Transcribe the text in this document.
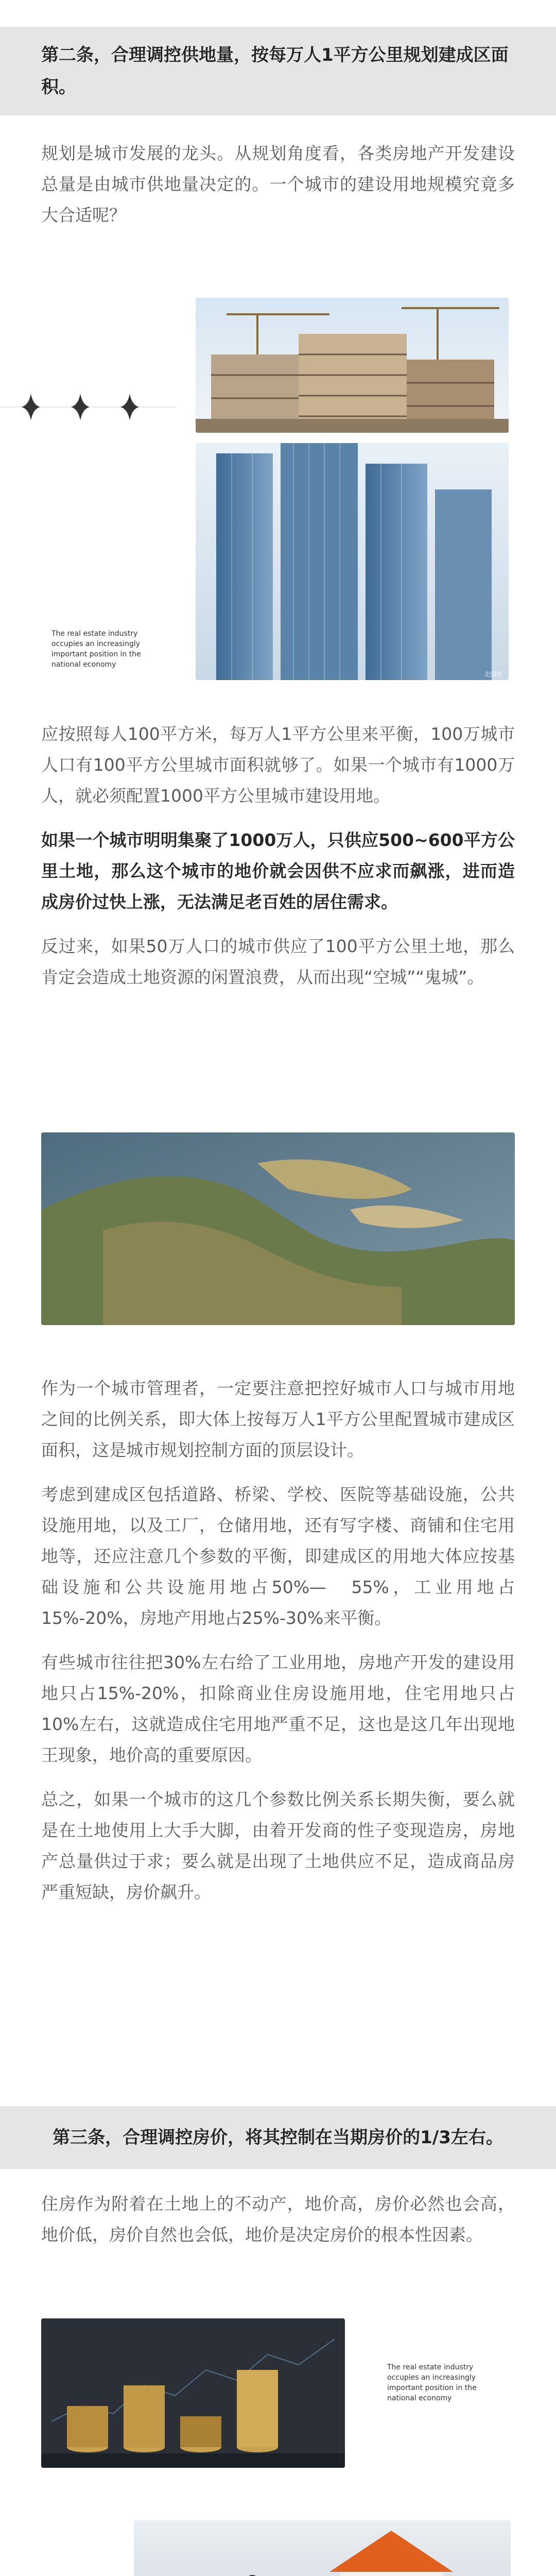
第二条，合理调控供地量，按每万人1平方公里规划建成区面积。

规划是城市发展的龙头。从规划角度看，各类房地产开发建设总量是由城市供地量决定的。一个城市的建设用地规模究竟多大合适呢？

The real estate industry occupies an increasingly important position in the national economy
北国资

应按照每人100平方米，每万人1平方公里来平衡，100万城市人口有100平方公里城市面积就够了。如果一个城市有1000万人，就必须配置1000平方公里城市建设用地。

如果一个城市明明集聚了1000万人，只供应500~600平方公里土地，那么这个城市的地价就会因供不应求而飙涨，进而造成房价过快上涨，无法满足老百姓的居住需求。

反过来，如果50万人口的城市供应了100平方公里土地，那么肯定会造成土地资源的闲置浪费，从而出现“空城”“鬼城”。

作为一个城市管理者，一定要注意把控好城市人口与城市用地之间的比例关系，即大体上按每万人1平方公里配置城市建成区面积，这是城市规划控制方面的顶层设计。

考虑到建成区包括道路、桥梁、学校、医院等基础设施，公共设施用地，以及工厂，仓储用地，还有写字楼、商铺和住宅用地等，还应注意几个参数的平衡，即建成区的用地大体应按基础设施和公共设施用地占50%—　55%，工业用地占15%-20%，房地产用地占25%-30%来平衡。

有些城市往往把30%左右给了工业用地，房地产开发的建设用地只占15%-20%，扣除商业住房设施用地，住宅用地只占10%左右，这就造成住宅用地严重不足，这也是这几年出现地王现象，地价高的重要原因。

总之，如果一个城市的这几个参数比例关系长期失衡，要么就是在土地使用上大手大脚，由着开发商的性子变现造房，房地产总量供过于求；要么就是出现了土地供应不足，造成商品房严重短缺，房价飙升。

第三条，合理调控房价，将其控制在当期房价的1/3左右。

住房作为附着在土地上的不动产，地价高，房价必然也会高，地价低，房价自然也会低，地价是决定房价的根本性因素。

The real estate industry occupies an increasingly important position in the national economy
